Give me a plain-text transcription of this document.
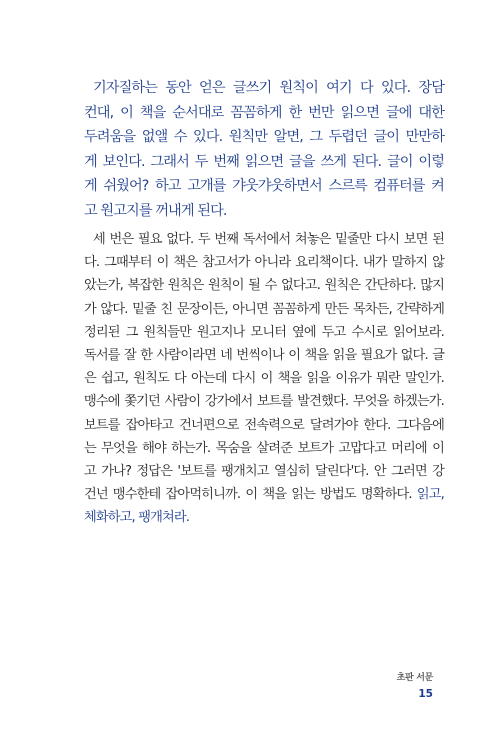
기자질하는 동안 얻은 글쓰기 원칙이 여기 다 있다. 장담
컨대, 이 책을 순서대로 꼼꼼하게 한 번만 읽으면 글에 대한
두려움을 없앨 수 있다. 원칙만 알면, 그 두렵던 글이 만만하
게 보인다. 그래서 두 번째 읽으면 글을 쓰게 된다. 글이 이렇
게 쉬웠어? 하고 고개를 갸웃갸웃하면서 스르륵 컴퓨터를 켜
고 원고지를 꺼내게 된다.
세 번은 필요 없다. 두 번째 독서에서 쳐놓은 밑줄만 다시 보면 된
다. 그때부터 이 책은 참고서가 아니라 요리책이다. 내가 말하지 않
았는가, 복잡한 원칙은 원칙이 될 수 없다고. 원칙은 간단하다. 많지
가 않다. 밑줄 친 문장이든, 아니면 꼼꼼하게 만든 목차든, 간략하게
정리된 그 원칙들만 원고지나 모니터 옆에 두고 수시로 읽어보라.
독서를 잘 한 사람이라면 네 번씩이나 이 책을 읽을 필요가 없다. 글
은 쉽고, 원칙도 다 아는데 다시 이 책을 읽을 이유가 뭐란 말인가.
맹수에 쫓기던 사람이 강가에서 보트를 발견했다. 무엇을 하겠는가.
보트를 잡아타고 건너편으로 전속력으로 달려가야 한다. 그다음에
는 무엇을 해야 하는가. 목숨을 살려준 보트가 고맙다고 머리에 이
고 가나? 정답은 '보트를 팽개치고 열심히 달린다'다. 안 그러면 강
건넌 맹수한테 잡아먹히니까. 이 책을 읽는 방법도 명확하다. 읽고,
체화하고, 팽개쳐라.
초판 서문
15
